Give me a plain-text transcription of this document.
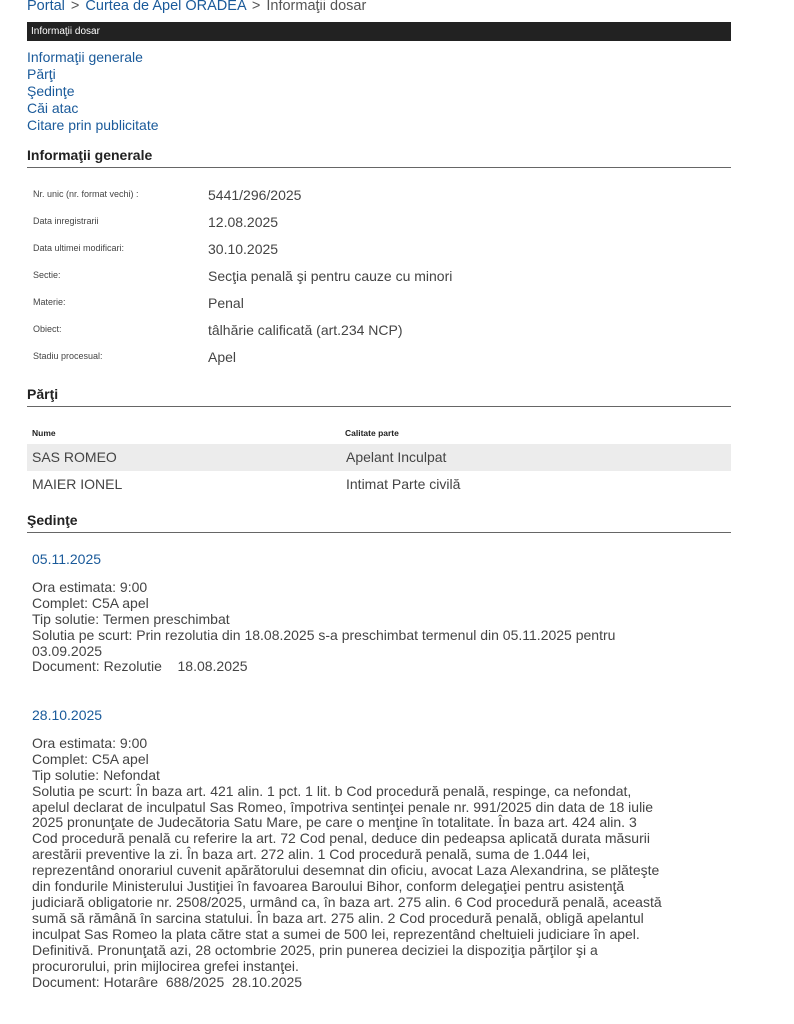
Portal > Curtea de Apel ORADEA > Informaţii dosar
Informaţii dosar
Informaţii generale
Părţi
Şedinţe
Căi atac
Citare prin publicitate
Informaţii generale
Nr. unic (nr. format vechi) :	5441/296/2025
Data inregistrarii	12.08.2025
Data ultimei modificari:	30.10.2025
Sectie:	Secţia penală şi pentru cauze cu minori
Materie:	Penal
Obiect:	tâlhărie calificată (art.234 NCP)
Stadiu procesual:	Apel
Părţi
Nume	Calitate parte
SAS ROMEO	Apelant Inculpat
MAIER IONEL	Intimat Parte civilă
Şedinţe
05.11.2025
Ora estimata: 9:00
Complet: C5A apel
Tip solutie: Termen preschimbat
Solutia pe scurt: Prin rezolutia din 18.08.2025 s-a preschimbat termenul din 05.11.2025 pentru
03.09.2025
Document: Rezolutie    18.08.2025
28.10.2025
Ora estimata: 9:00
Complet: C5A apel
Tip solutie: Nefondat
Solutia pe scurt: În baza art. 421 alin. 1 pct. 1 lit. b Cod procedură penală, respinge, ca nefondat,
apelul declarat de inculpatul Sas Romeo, împotriva sentinţei penale nr. 991/2025 din data de 18 iulie
2025 pronunţate de Judecătoria Satu Mare, pe care o menţine în totalitate. În baza art. 424 alin. 3
Cod procedură penală cu referire la art. 72 Cod penal, deduce din pedeapsa aplicată durata măsurii
arestării preventive la zi. În baza art. 272 alin. 1 Cod procedură penală, suma de 1.044 lei,
reprezentând onorariul cuvenit apărătorului desemnat din oficiu, avocat Laza Alexandrina, se plăteşte
din fondurile Ministerului Justiţiei în favoarea Baroului Bihor, conform delegaţiei pentru asistenţă
judiciară obligatorie nr. 2508/2025, urmând ca, în baza art. 275 alin. 6 Cod procedură penală, această
sumă să rămână în sarcina statului. În baza art. 275 alin. 2 Cod procedură penală, obligă apelantul
inculpat Sas Romeo la plata către stat a sumei de 500 lei, reprezentând cheltuieli judiciare în apel.
Definitivă. Pronunţată azi, 28 octombrie 2025, prin punerea deciziei la dispoziţia părţilor şi a
procurorului, prin mijlocirea grefei instanţei.
Document: Hotarâre  688/2025  28.10.2025
